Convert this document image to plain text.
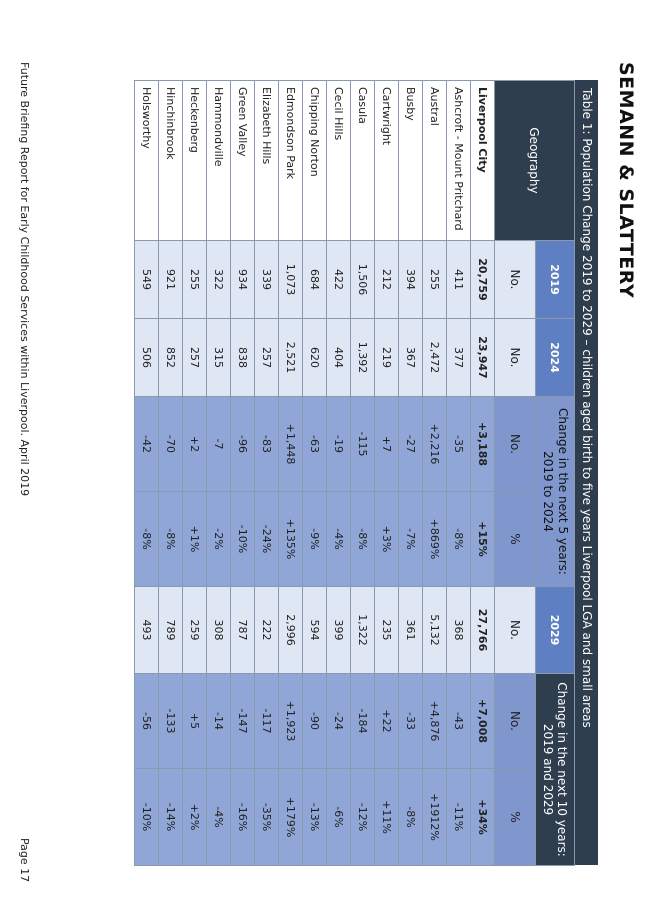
SEMANN & SLATTERY
Table 1: Population Change 2019 to 2029 – children aged birth to five years Liverpool LGA and small areas
Geography	2019	2024	Change in the next 5 years: 2019 to 2024		2029	Change in the next 10 years: 2019 and 2029	
	No.	No.	No.	%	No.	No.	%
Liverpool City	20,759	23,947	+3,188	+15%	27,766	+7,008	+34%
Ashcroft - Mount Pritchard	411	377	-35	-8%	368	-43	-11%
Austral	255	2,472	+2,216	+869%	5,132	+4,876	+1912%
Busby	394	367	-27	-7%	361	-33	-8%
Cartwright	212	219	+7	+3%	235	+22	+11%
Casula	1,506	1,392	-115	-8%	1,322	-184	-12%
Cecil Hills	422	404	-19	-4%	399	-24	-6%
Chipping Norton	684	620	-63	-9%	594	-90	-13%
Edmondson Park	1,073	2,521	+1,448	+135%	2,996	+1,923	+179%
Elizabeth Hills	339	257	-83	-24%	222	-117	-35%
Green Valley	934	838	-96	-10%	787	-147	-16%
Hammondville	322	315	-7	-2%	308	-14	-4%
Heckenberg	255	257	+2	+1%	259	+5	+2%
Hinchinbrook	921	852	-70	-8%	789	-133	-14%
Holsworthy	549	506	-42	-8%	493	-56	-10%
Future Briefing Report for Early Childhood Services within Liverpool. April 2019
Page 17
